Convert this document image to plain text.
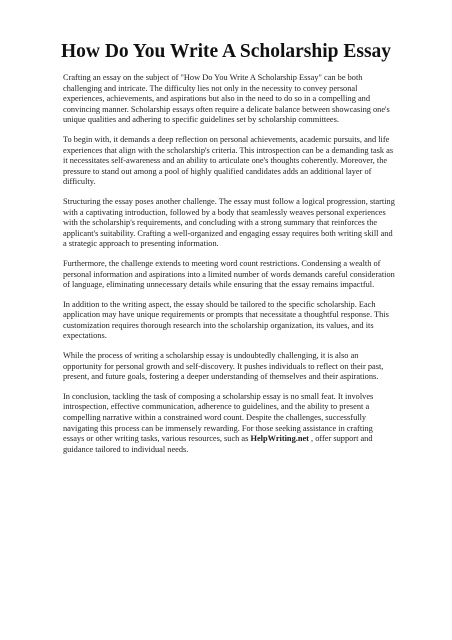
How Do You Write A Scholarship Essay

Crafting an essay on the subject of "How Do You Write A Scholarship Essay" can be both challenging and intricate. The difficulty lies not only in the necessity to convey personal experiences, achievements, and aspirations but also in the need to do so in a compelling and convincing manner. Scholarship essays often require a delicate balance between showcasing one's unique qualities and adhering to specific guidelines set by scholarship committees.

To begin with, it demands a deep reflection on personal achievements, academic pursuits, and life experiences that align with the scholarship's criteria. This introspection can be a demanding task as it necessitates self-awareness and an ability to articulate one's thoughts coherently. Moreover, the pressure to stand out among a pool of highly qualified candidates adds an additional layer of difficulty.

Structuring the essay poses another challenge. The essay must follow a logical progression, starting with a captivating introduction, followed by a body that seamlessly weaves personal experiences with the scholarship's requirements, and concluding with a strong summary that reinforces the applicant's suitability. Crafting a well-organized and engaging essay requires both writing skill and a strategic approach to presenting information.

Furthermore, the challenge extends to meeting word count restrictions. Condensing a wealth of personal information and aspirations into a limited number of words demands careful consideration of language, eliminating unnecessary details while ensuring that the essay remains impactful.

In addition to the writing aspect, the essay should be tailored to the specific scholarship. Each application may have unique requirements or prompts that necessitate a thoughtful response. This customization requires thorough research into the scholarship organization, its values, and its expectations.

While the process of writing a scholarship essay is undoubtedly challenging, it is also an opportunity for personal growth and self-discovery. It pushes individuals to reflect on their past, present, and future goals, fostering a deeper understanding of themselves and their aspirations.

In conclusion, tackling the task of composing a scholarship essay is no small feat. It involves introspection, effective communication, adherence to guidelines, and the ability to present a compelling narrative within a constrained word count. Despite the challenges, successfully navigating this process can be immensely rewarding. For those seeking assistance in crafting essays or other writing tasks, various resources, such as HelpWriting.net , offer support and guidance tailored to individual needs.
